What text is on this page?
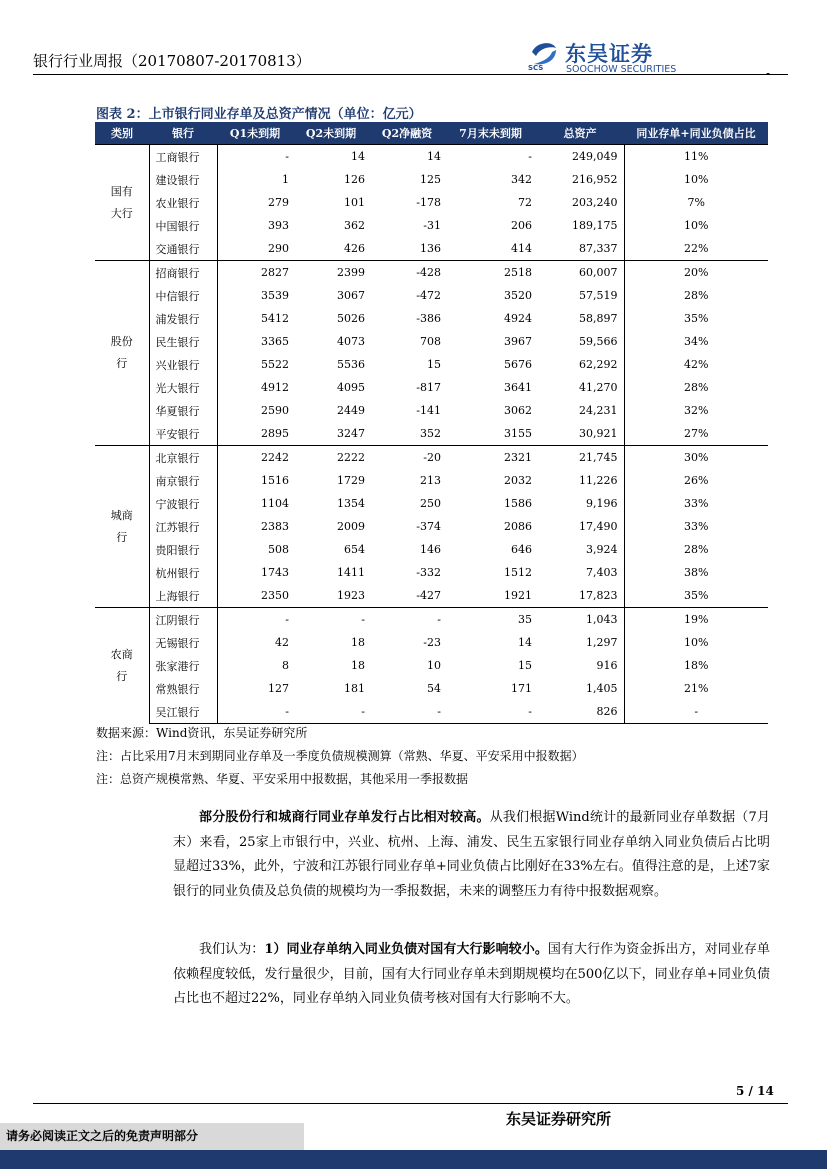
银行行业周报（20170807-20170813）	SCS
东吴证券
SOOCHOW SECURITIES	-
图表 2：上市银行同业存单及总资产情况（单位：亿元）
类别	银行	Q1未到期	Q2未到期	Q2净融资	7月末未到期	总资产	同业存单+同业负债占比

国有
大行	工商银行	-	14	14	-	249,049	11%
	建设银行	1	126	125	342	216,952	10%
	农业银行	279	101	-178	72	203,240	7%
	中国银行	393	362	-31	206	189,175	10%
	交通银行	290	426	136	414	87,337	22%

股份
行	招商银行	2827	2399	-428	2518	60,007	20%
	中信银行	3539	3067	-472	3520	57,519	28%
	浦发银行	5412	5026	-386	4924	58,897	35%
	民生银行	3365	4073	708	3967	59,566	34%
	兴业银行	5522	5536	15	5676	62,292	42%
	光大银行	4912	4095	-817	3641	41,270	28%
	华夏银行	2590	2449	-141	3062	24,231	32%
	平安银行	2895	3247	352	3155	30,921	27%

城商
行	北京银行	2242	2222	-20	2321	21,745	30%
	南京银行	1516	1729	213	2032	11,226	26%
	宁波银行	1104	1354	250	1586	9,196	33%
	江苏银行	2383	2009	-374	2086	17,490	33%
	贵阳银行	508	654	146	646	3,924	28%
	杭州银行	1743	1411	-332	1512	7,403	38%
	上海银行	2350	1923	-427	1921	17,823	35%

农商
行	江阴银行	-	-	-	35	1,043	19%
	无锡银行	42	18	-23	14	1,297	10%
	张家港行	8	18	10	15	916	18%
	常熟银行	127	181	54	171	1,405	21%
	吴江银行	-	-	-	-	826	-
数据来源：Wind资讯，东吴证券研究所
注：占比采用7月末到期同业存单及一季度负债规模测算（常熟、华夏、平安采用中报数据）
注：总资产规模常熟、华夏、平安采用中报数据，其他采用一季报数据
部分股份行和城商行同业存单发行占比相对较高。从我们根据Wind统计的最新同业存单数据（7月末）来看，25家上市银行中，兴业、杭州、上海、浦发、民生五家银行同业存单纳入同业负债后占比明显超过33%，此外，宁波和江苏银行同业存单+同业负债占比刚好在33%左右。值得注意的是，上述7家银行的同业负债及总负债的规模均为一季报数据，未来的调整压力有待中报数据观察。
我们认为：1）同业存单纳入同业负债对国有大行影响较小。国有大行作为资金拆出方，对同业存单依赖程度较低，发行量很少，目前，国有大行同业存单未到期规模均在500亿以下，同业存单+同业负债占比也不超过22%，同业存单纳入同业负债考核对国有大行影响不大。
5 / 14
东吴证券研究所
请务必阅读正文之后的免责声明部分
